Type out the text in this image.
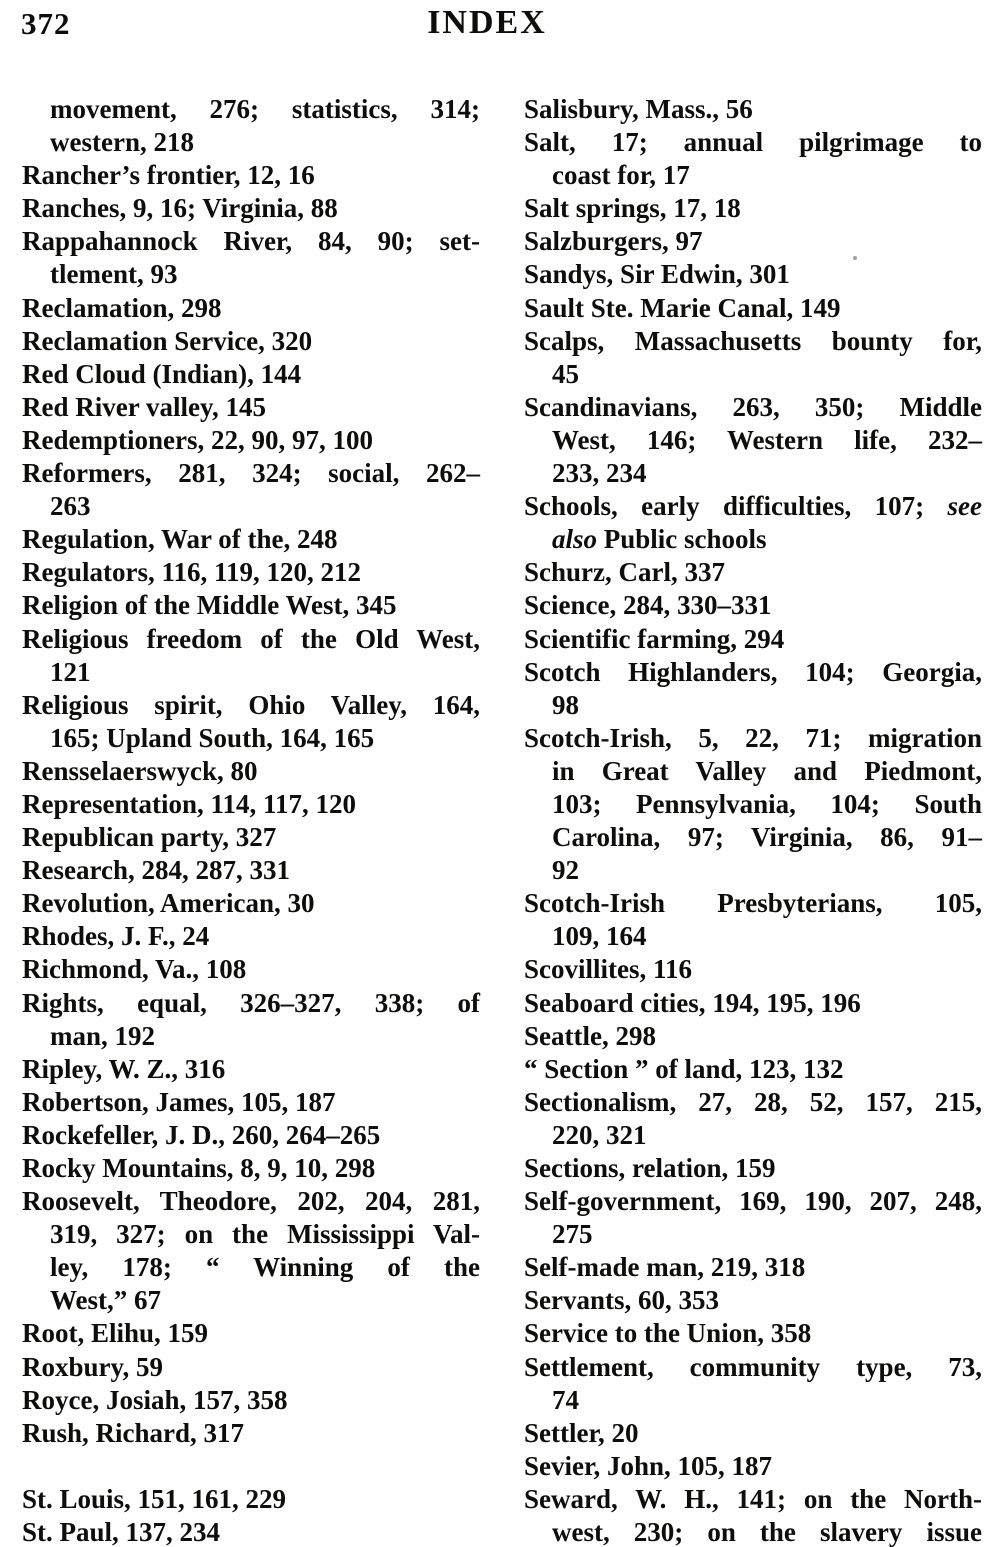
372	INDEX
movement, 276; statistics, 314;
western, 218
Rancher’s frontier, 12, 16
Ranches, 9, 16; Virginia, 88
Rappahannock River, 84, 90; set-
tlement, 93
Reclamation, 298
Reclamation Service, 320
Red Cloud (Indian), 144
Red River valley, 145
Redemptioners, 22, 90, 97, 100
Reformers, 281, 324; social, 262–
263
Regulation, War of the, 248
Regulators, 116, 119, 120, 212
Religion of the Middle West, 345
Religious freedom of the Old West,
121
Religious spirit, Ohio Valley, 164,
165; Upland South, 164, 165
Rensselaerswyck, 80
Representation, 114, 117, 120
Republican party, 327
Research, 284, 287, 331
Revolution, American, 30
Rhodes, J. F., 24
Richmond, Va., 108
Rights, equal, 326–327, 338; of
man, 192
Ripley, W. Z., 316
Robertson, James, 105, 187
Rockefeller, J. D., 260, 264–265
Rocky Mountains, 8, 9, 10, 298
Roosevelt, Theodore, 202, 204, 281,
319, 327; on the Mississippi Val-
ley, 178; “ Winning of the
West,” 67
Root, Elihu, 159
Roxbury, 59
Royce, Josiah, 157, 358
Rush, Richard, 317
St. Louis, 151, 161, 229
St. Paul, 137, 234
Salisbury, Mass., 56
Salt, 17; annual pilgrimage to
coast for, 17
Salt springs, 17, 18
Salzburgers, 97
Sandys, Sir Edwin, 301
Sault Ste. Marie Canal, 149
Scalps, Massachusetts bounty for,
45
Scandinavians, 263, 350; Middle
West, 146; Western life, 232–
233, 234
Schools, early difficulties, 107; see
also Public schools
Schurz, Carl, 337
Science, 284, 330–331
Scientific farming, 294
Scotch Highlanders, 104; Georgia,
98
Scotch-Irish, 5, 22, 71; migration
in Great Valley and Piedmont,
103; Pennsylvania, 104; South
Carolina, 97; Virginia, 86, 91–
92
Scotch-Irish Presbyterians, 105,
109, 164
Scovillites, 116
Seaboard cities, 194, 195, 196
Seattle, 298
“ Section ” of land, 123, 132
Sectionalism, 27, 28, 52, 157, 215,
220, 321
Sections, relation, 159
Self-government, 169, 190, 207, 248,
275
Self-made man, 219, 318
Servants, 60, 353
Service to the Union, 358
Settlement, community type, 73,
74
Settler, 20
Sevier, John, 105, 187
Seward, W. H., 141; on the North-
west, 230; on the slavery issue
